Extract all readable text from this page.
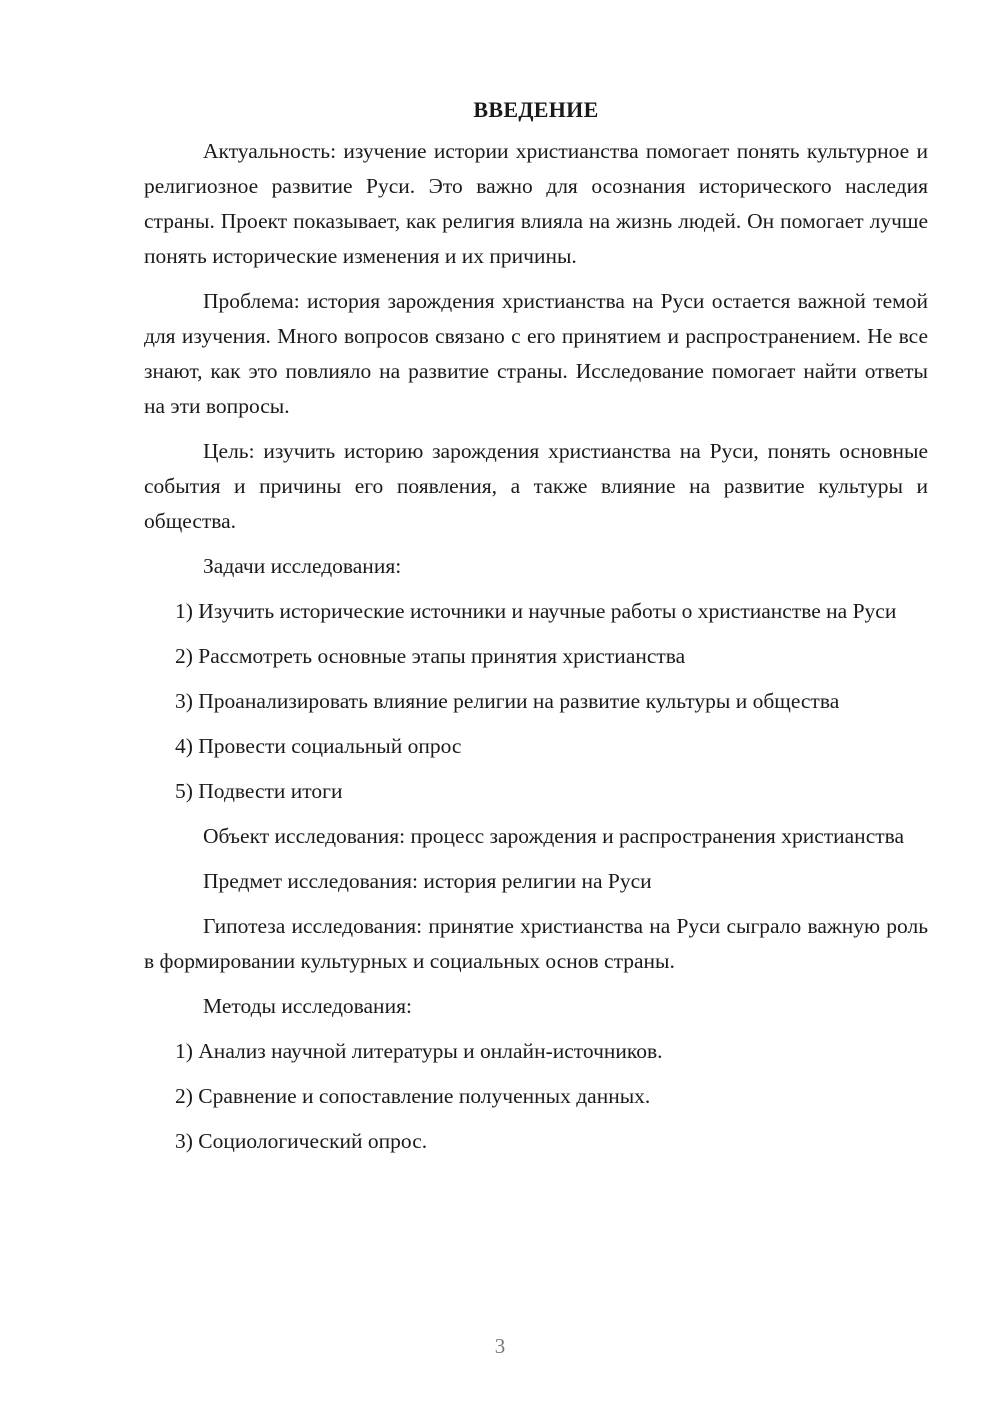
ВВЕДЕНИЕ

Актуальность: изучение истории христианства помогает понять культурное и религиозное развитие Руси. Это важно для осознания исторического наследия страны. Проект показывает, как религия влияла на жизнь людей. Он помогает лучше понять исторические изменения и их причины.

Проблема: история зарождения христианства на Руси остается важной темой для изучения. Много вопросов связано с его принятием и распространением. Не все знают, как это повлияло на развитие страны. Исследование помогает найти ответы на эти вопросы.

Цель: изучить историю зарождения христианства на Руси, понять основные события и причины его появления, а также влияние на развитие культуры и общества.

Задачи исследования:

1) Изучить исторические источники и научные работы о христианстве на Руси

2) Рассмотреть основные этапы принятия христианства

3) Проанализировать влияние религии на развитие культуры и общества

4) Провести социальный опрос

5) Подвести итоги

Объект исследования: процесс зарождения и распространения христианства

Предмет исследования: история религии на Руси

Гипотеза исследования: принятие христианства на Руси сыграло важную роль в формировании культурных и социальных основ страны.

Методы исследования:

1) Анализ научной литературы и онлайн-источников.

2) Сравнение и сопоставление полученных данных.

3) Социологический опрос.

3
